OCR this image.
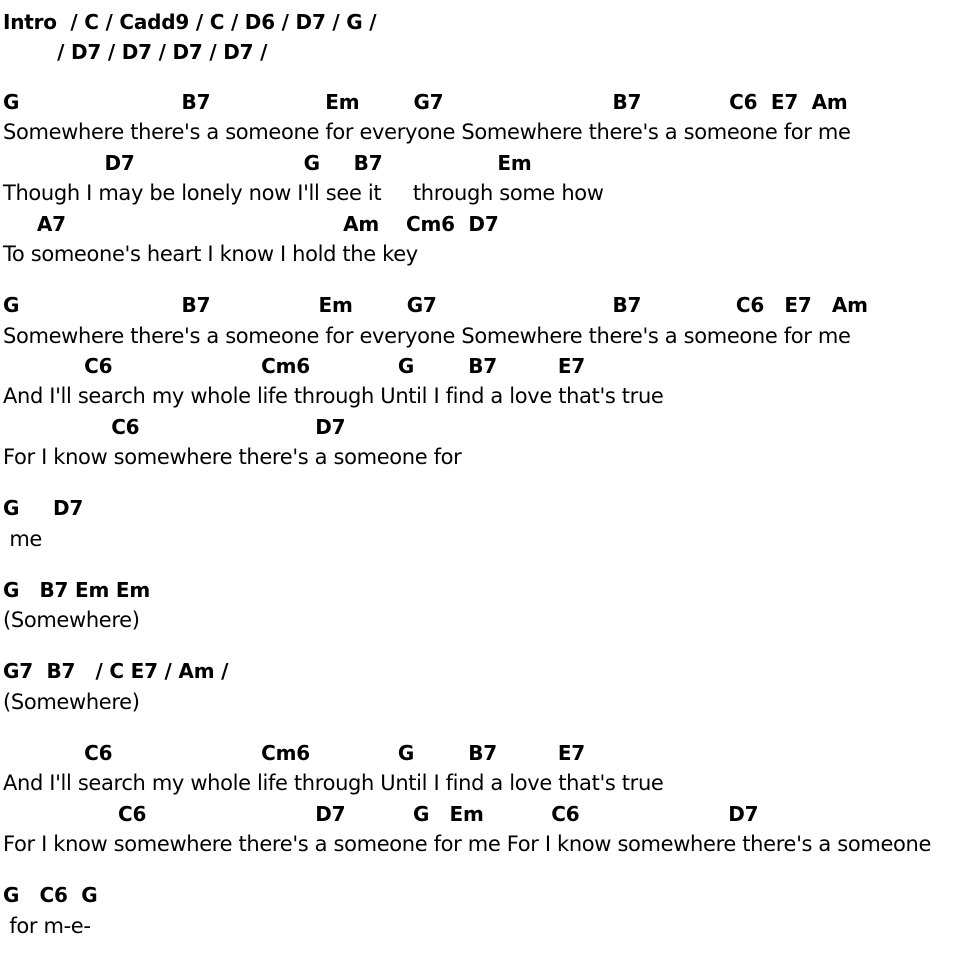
Intro  / C / Cadd9 / C / D6 / D7 / G /
/ D7 / D7 / D7 / D7 /
G                        B7                 Em        G7                         B7             C6  E7  Am
Somewhere there's a someone for everyone Somewhere there's a someone for me
D7                         G     B7                 Em
Though I may be lonely now I'll see it     through some how
A7                                         Am    Cm6  D7
To someone's heart I know I hold the key
G                        B7                Em        G7                          B7              C6   E7   Am
Somewhere there's a someone for everyone Somewhere there's a someone for me
C6                      Cm6             G        B7         E7
And I'll search my whole life through Until I find a love that's true
C6                          D7
For I know somewhere there's a someone for
G     D7
me
G   B7 Em Em
(Somewhere)
G7  B7   / C E7 / Am /
(Somewhere)
C6                      Cm6             G        B7         E7
And I'll search my whole life through Until I find a love that's true
C6                         D7          G   Em          C6                      D7
For I know somewhere there's a someone for me For I know somewhere there's a someone
G   C6  G
for m-e-
